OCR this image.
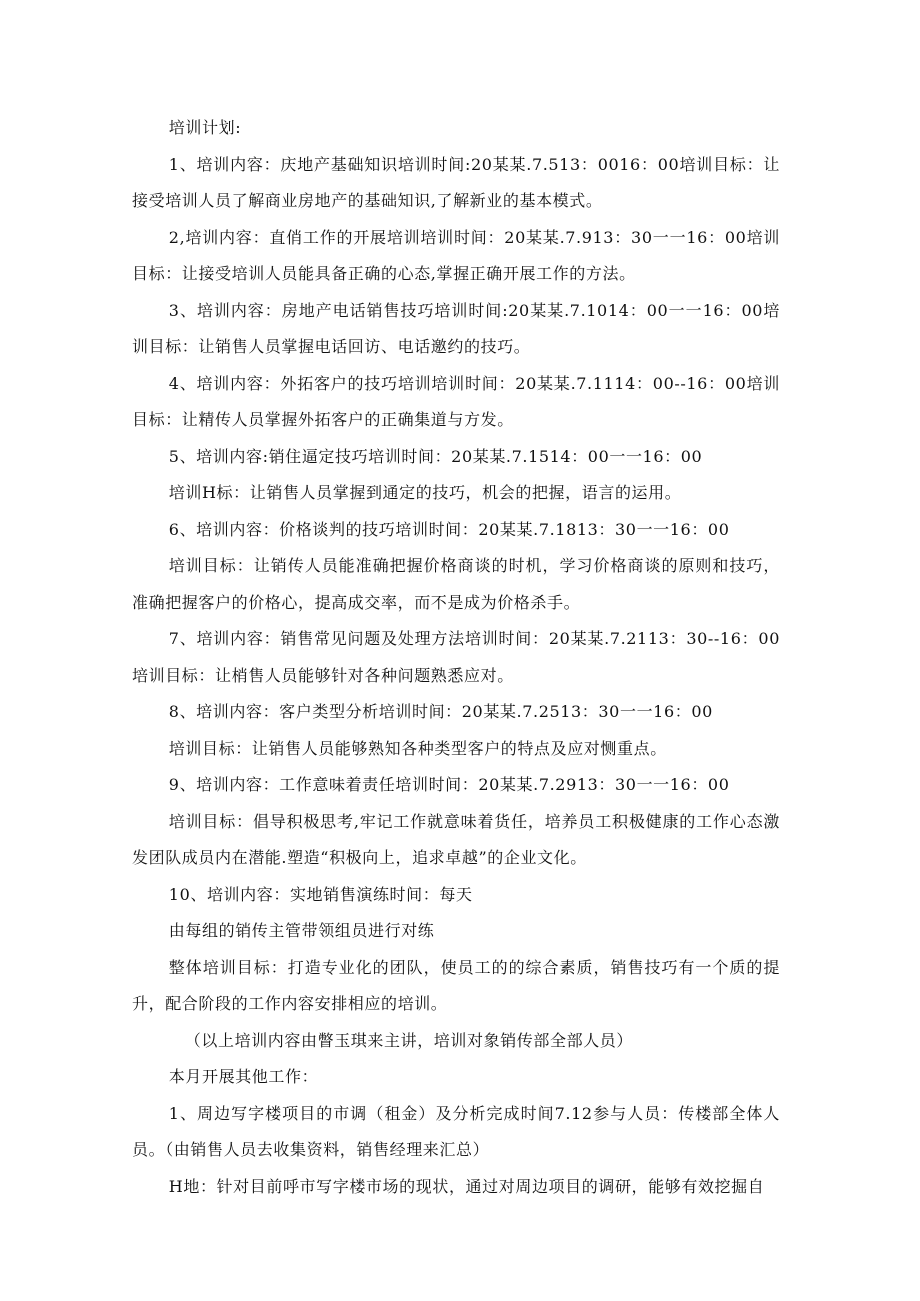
培训计划:

1、培训内容：庆地产基础知识培训时间:20某某.7.513：0016：00培训目标：让接受培训人员了解商业房地产的基础知识,了解新业的基本模式。

2,培训内容：直俏工作的开展培训培训时间：20某某.7.913：30一一16：00培训目标：让接受培训人员能具备正确的心态,掌握正确开展工作的方法。

3、培训内容：房地产电话销售技巧培训时间:20某某.7.1014：00一一16：00培训目标：让销售人员掌握电话回访、电话邀约的技巧。

4、培训内容：外拓客户的技巧培训培训时间：20某某.7.1114：00--16：00培训目标：让精传人员掌握外拓客户的正确集道与方发。

5、培训内容:销住逼定技巧培训时间：20某某.7.1514：00一一16：00

培训H标：让销售人员掌握到通定的技巧，机会的把握，语言的运用。

6、培训内容：价格谈判的技巧培训时间：20某某.7.1813：30一一16：00

培训目标：让销传人员能准确把握价格商谈的时机，学习价格商谈的原则和技巧，准确把握客户的价格心，提高成交率，而不是成为价格杀手。

7、培训内容：销售常见问题及处理方法培训时间：20某某.7.2113：30--16：00培训目标：让梢售人员能够针对各种问题熟悉应对。

8、培训内容：客户类型分析培训时间：20某某.7.2513：30一一16：00

培训目标：让销售人员能够熟知各种类型客户的特点及应对恻重点。

9、培训内容：工作意味着责任培训时间：20某某.7.2913：30一一16：00

培训目标：倡导积极思考,牢记工作就意味着货任，培养员工积极健康的工作心态激发团队成员内在潜能.塑造“积极向上，追求卓越”的企业文化。

10、培训内容：实地销售演练时间：每天

由每组的销传主管带领组员进行对练

整体培训目标：打造专业化的团队，使员工的的综合素质，销售技巧有一个质的提升，配合阶段的工作内容安排相应的培训。

（以上培训内容由瞥玉琪来主讲，培训对象销传部全部人员）

本月开展其他工作：

1、周边写字楼项目的市调（租金）及分析完成时间7.12参与人员：传楼部全体人员。（由销售人员去收集资料，销售经理来汇总）

H地：针对目前呼市写字楼市场的现状，通过对周边项目的调研，能够有效挖掘自
